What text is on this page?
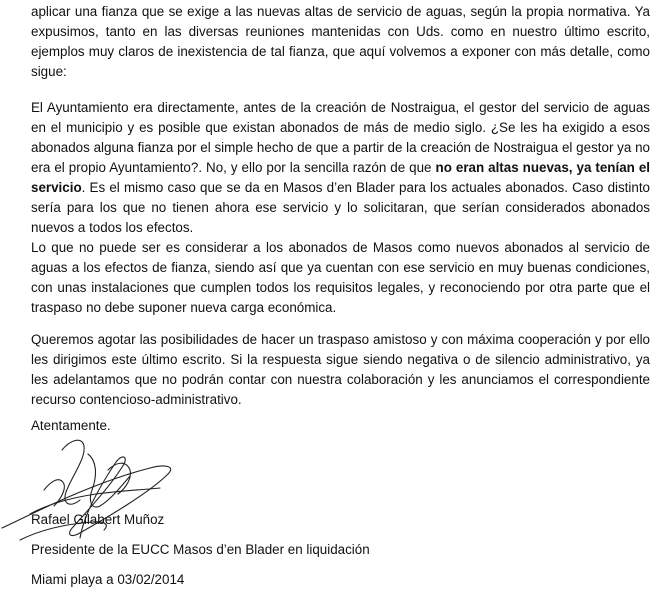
aplicar una fianza que se exige a las nuevas altas de servicio de aguas, según la propia normativa. Ya expusimos, tanto en las diversas reuniones mantenidas con Uds. como en nuestro último escrito, ejemplos muy claros de inexistencia de tal fianza, que aquí volvemos a exponer con más detalle, como sigue:

El Ayuntamiento era directamente, antes de la creación de Nostraigua, el gestor del servicio de aguas en el municipio y es posible que existan abonados de más de medio siglo. ¿Se les ha exigido a esos abonados alguna fianza por el simple hecho de que a partir de la creación de Nostraigua el gestor ya no era el propio Ayuntamiento?. No, y ello por la sencilla razón de que no eran altas nuevas, ya tenían el servicio. Es el mismo caso que se da en Masos d’en Blader para los actuales abonados. Caso distinto sería para los que no tienen ahora ese servicio y lo solicitaran, que serían considerados abonados nuevos a todos los efectos.

Lo que no puede ser es considerar a los abonados de Masos como nuevos abonados al servicio de aguas a los efectos de fianza, siendo así que ya cuentan con ese servicio en muy buenas condiciones, con unas instalaciones que cumplen todos los requisitos legales, y reconociendo por otra parte que el traspaso no debe suponer nueva carga económica.

Queremos agotar las posibilidades de hacer un traspaso amistoso y con máxima cooperación y por ello les dirigimos este último escrito. Si la respuesta sigue siendo negativa o de silencio administrativo, ya les adelantamos que no podrán contar con nuestra colaboración y les anunciamos el correspondiente recurso contencioso-administrativo.

Atentamente.
Rafael Gilabert Muñoz
Presidente de la EUCC Masos d’en Blader en liquidación
Miami playa a 03/02/2014
